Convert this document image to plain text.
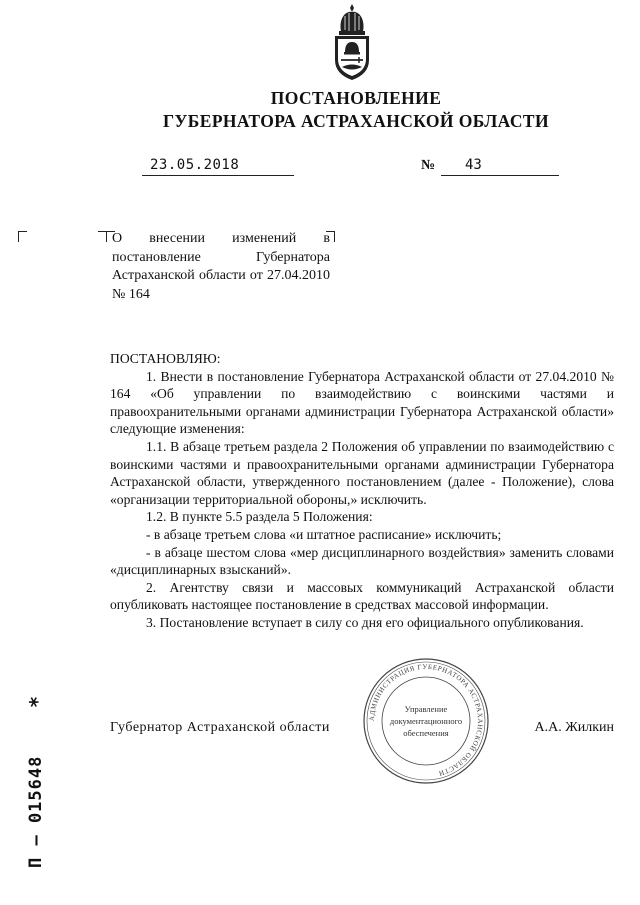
ПОСТАНОВЛЕНИЕ
ГУБЕРНАТОРА АСТРАХАНСКОЙ ОБЛАСТИ
23.05.2018	№ 43
О внесении изменений в постановление Губернатора Астраханской области от 27.04.2010 № 164

ПОСТАНОВЛЯЮ:

1. Внести в постановление Губернатора Астраханской области от 27.04.2010 № 164 «Об управлении по взаимодействию с воинскими частями и правоохранительными органами администрации Губернатора Астраханской области» следующие изменения:

1.1. В абзаце третьем раздела 2 Положения об управлении по взаимодействию с воинскими частями и правоохранительными органами администрации Губернатора Астраханской области, утвержденного постановлением (далее - Положение), слова «организации территориальной обороны,» исключить.

1.2. В пункте 5.5 раздела 5 Положения:

- в абзаце третьем слова «и штатное расписание» исключить;

- в абзаце шестом слова «мер дисциплинарного воздействия» заменить словами «дисциплинарных взысканий».

2. Агентству связи и массовых коммуникаций Астраханской области опубликовать настоящее постановление в средствах массовой информации.

3. Постановление вступает в силу со дня его официального опубликования.

АДМИНИСТРАЦИЯ ГУБЕРНАТОРА АСТРАХАНСКОЙ ОБЛАСТИ
Управление
документационного
обеспечения
Губернатор Астраханской области	А.А. Жилкин
П – 015648
*
